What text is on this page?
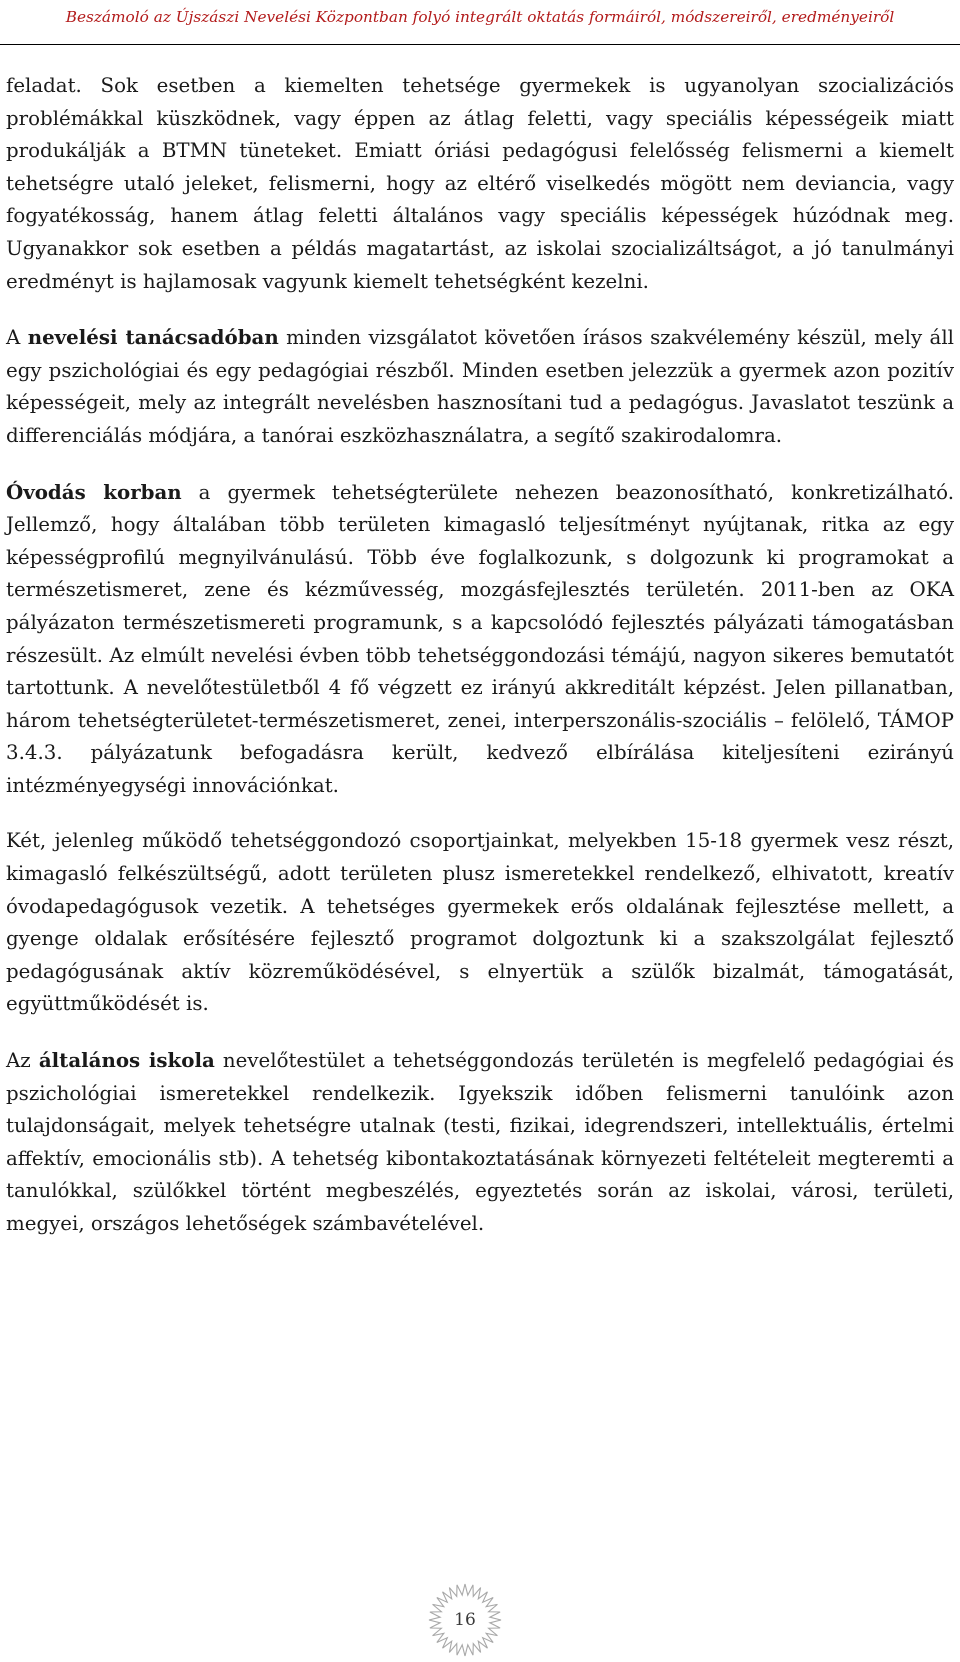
Beszámoló az Újszászi Nevelési Központban folyó integrált oktatás formáiról, módszereiről, eredményeiről

feladat. Sok esetben a kiemelten tehetsége gyermekek is ugyanolyan szocializációs problémákkal küszködnek, vagy éppen az átlag feletti, vagy speciális képességeik miatt produkálják a BTMN tüneteket. Emiatt óriási pedagógusi felelősség felismerni a kiemelt tehetségre utaló jeleket, felismerni, hogy az eltérő viselkedés mögött nem deviancia, vagy fogyatékosság, hanem átlag feletti általános vagy speciális képességek húzódnak meg. Ugyanakkor sok esetben a példás magatartást, az iskolai szocializáltságot, a jó tanulmányi eredményt is hajlamosak vagyunk kiemelt tehetségként kezelni.

A nevelési tanácsadóban minden vizsgálatot követően írásos szakvélemény készül, mely áll egy pszichológiai és egy pedagógiai részből. Minden esetben jelezzük a gyermek azon pozitív képességeit, mely az integrált nevelésben hasznosítani tud a pedagógus. Javaslatot teszünk a differenciálás módjára, a tanórai eszközhasználatra, a segítő szakirodalomra.

Óvodás korban a gyermek tehetségterülete nehezen beazonosítható, konkretizálható. Jellemző, hogy általában több területen kimagasló teljesítményt nyújtanak, ritka az egy képességprofilú megnyilvánulású. Több éve foglalkozunk, s dolgozunk ki programokat a természetismeret, zene és kézművesség, mozgásfejlesztés területén. 2011-ben az OKA pályázaton természetismereti programunk, s a kapcsolódó fejlesztés pályázati támogatásban részesült. Az elmúlt nevelési évben több tehetséggondozási témájú, nagyon sikeres bemutatót tartottunk. A nevelőtestületből 4 fő végzett ez irányú akkreditált képzést. Jelen pillanatban, három tehetségterületet-természetismeret, zenei, interperszonális-szociális – felölelő, TÁMOP 3.4.3. pályázatunk befogadásra került, kedvező elbírálása kiteljesíteni ezirányú intézményegységi innovációnkat.

Két, jelenleg működő tehetséggondozó csoportjainkat, melyekben 15-18 gyermek vesz részt, kimagasló felkészültségű, adott területen plusz ismeretekkel rendelkező, elhivatott, kreatív óvodapedagógusok vezetik. A tehetséges gyermekek erős oldalának fejlesztése mellett, a gyenge oldalak erősítésére fejlesztő programot dolgoztunk ki a szakszolgálat fejlesztő pedagógusának aktív közreműködésével, s elnyertük a szülők bizalmát, támogatását, együttműködését is.

Az általános iskola nevelőtestület a tehetséggondozás területén is megfelelő pedagógiai és pszichológiai ismeretekkel rendelkezik. Igyekszik időben felismerni tanulóink azon tulajdonságait, melyek tehetségre utalnak (testi, fizikai, idegrendszeri, intellektuális, értelmi affektív, emocionális stb). A tehetség kibontakoztatásának környezeti feltételeit megteremti a tanulókkal, szülőkkel történt megbeszélés, egyeztetés során az iskolai, városi, területi, megyei, országos lehetőségek számbavételével.

16
